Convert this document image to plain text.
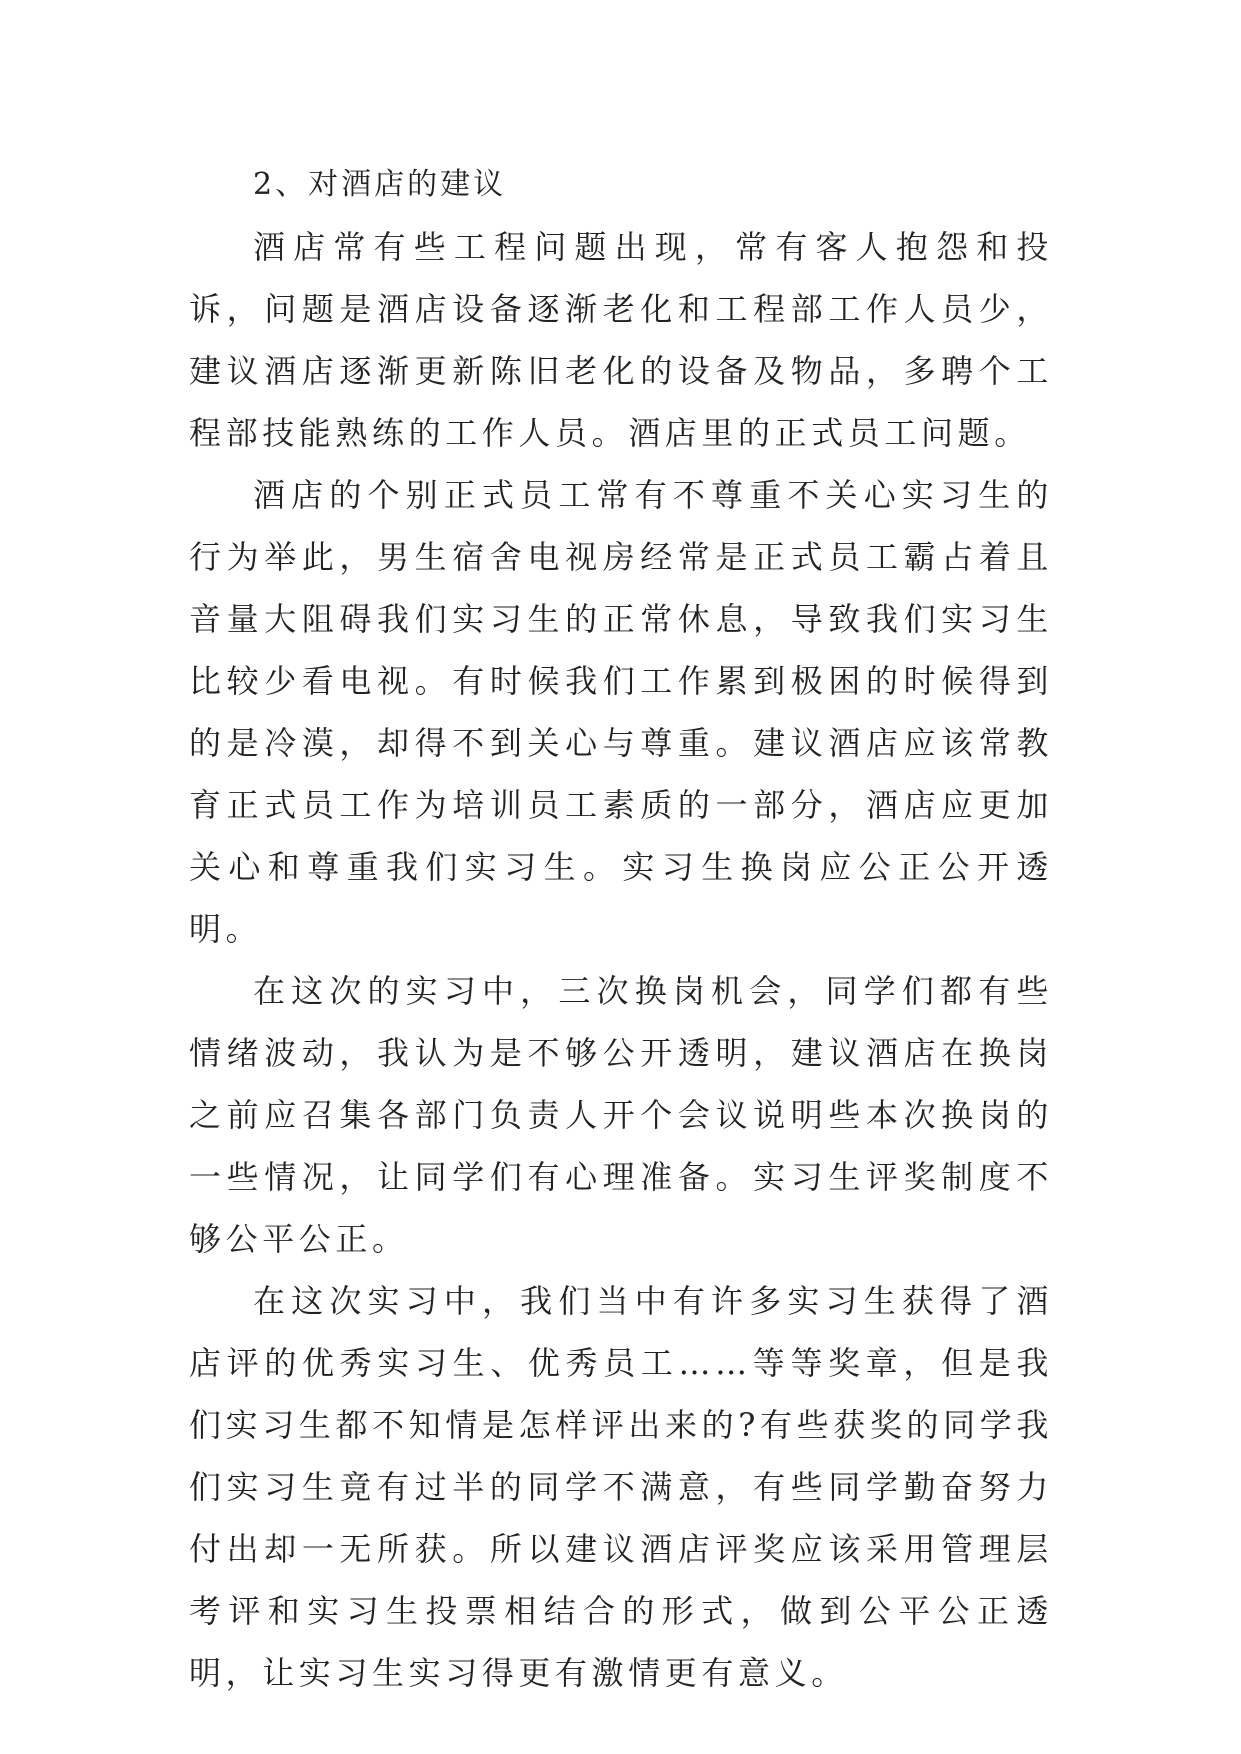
2、对酒店的建议

酒店常有些工程问题出现，常有客人抱怨和投诉，问题是酒店设备逐渐老化和工程部工作人员少，建议酒店逐渐更新陈旧老化的设备及物品，多聘个工程部技能熟练的工作人员。酒店里的正式员工问题。

酒店的个别正式员工常有不尊重不关心实习生的行为举此，男生宿舍电视房经常是正式员工霸占着且音量大阻碍我们实习生的正常休息，导致我们实习生比较少看电视。有时候我们工作累到极困的时候得到的是冷漠，却得不到关心与尊重。建议酒店应该常教育正式员工作为培训员工素质的一部分，酒店应更加关心和尊重我们实习生。实习生换岗应公正公开透明。

在这次的实习中，三次换岗机会，同学们都有些情绪波动，我认为是不够公开透明，建议酒店在换岗之前应召集各部门负责人开个会议说明些本次换岗的一些情况，让同学们有心理准备。实习生评奖制度不够公平公正。

在这次实习中，我们当中有许多实习生获得了酒店评的优秀实习生、优秀员工……等等奖章，但是我们实习生都不知情是怎样评出来的?有些获奖的同学我们实习生竟有过半的同学不满意，有些同学勤奋努力付出却一无所获。所以建议酒店评奖应该采用管理层考评和实习生投票相结合的形式，做到公平公正透明，让实习生实习得更有激情更有意义。
